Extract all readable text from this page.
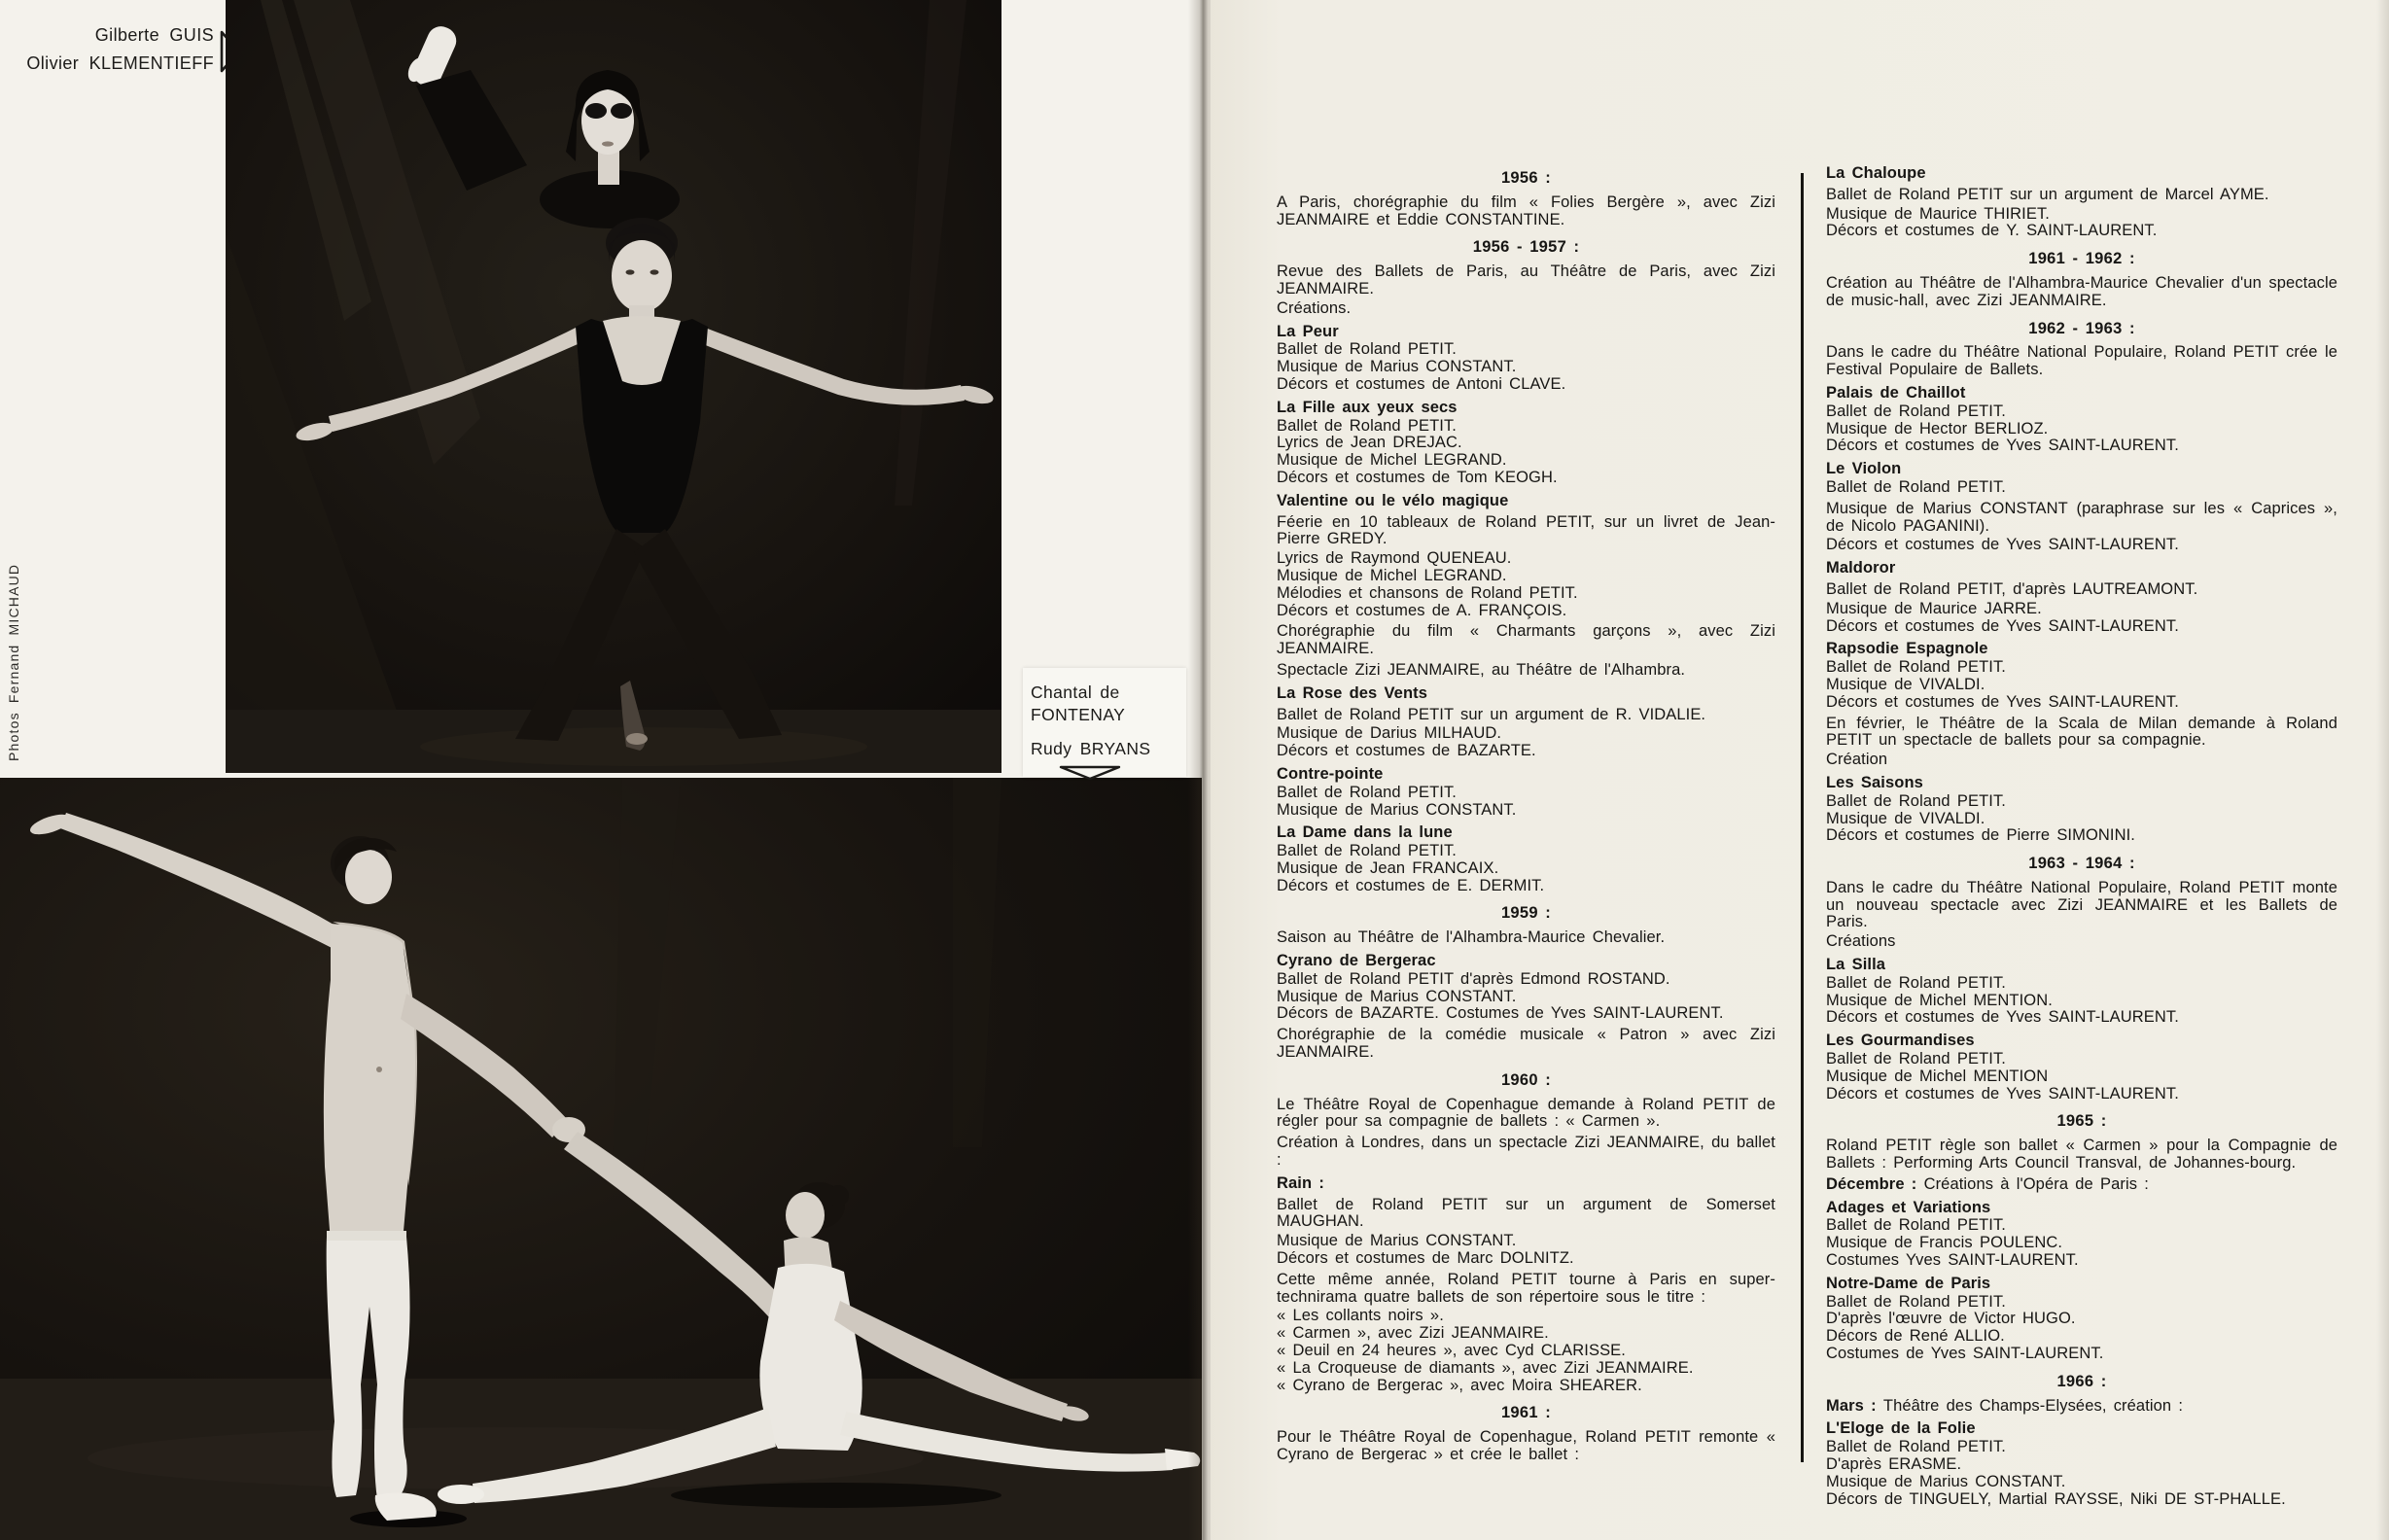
Gilberte GUIS
Olivier KLEMENTIEFF
Photos Fernand MICHAUD	Chantal de
FONTENAY
Rudy BRYANS

1956 :

A Paris, chorégraphie du film « Folies Bergère », avec Zizi JEANMAIRE et Eddie CONSTANTINE.

1956 - 1957 :

Revue des Ballets de Paris, au Théâtre de Paris, avec Zizi JEANMAIRE.

Créations.

La Peur

Ballet de Roland PETIT.

Musique de Marius CONSTANT.

Décors et costumes de Antoni CLAVE.

La Fille aux yeux secs

Ballet de Roland PETIT.

Lyrics de Jean DREJAC.

Musique de Michel LEGRAND.

Décors et costumes de Tom KEOGH.

Valentine ou le vélo magique

Féerie en 10 tableaux de Roland PETIT, sur un livret de Jean-Pierre GREDY.

Lyrics de Raymond QUENEAU.

Musique de Michel LEGRAND.

Mélodies et chansons de Roland PETIT.

Décors et costumes de A. FRANÇOIS.

Chorégraphie du film « Charmants garçons », avec Zizi JEANMAIRE.

Spectacle Zizi JEANMAIRE, au Théâtre de l'Alhambra.

La Rose des Vents

Ballet de Roland PETIT sur un argument de R. VIDALIE.

Musique de Darius MILHAUD.

Décors et costumes de BAZARTE.

Contre-pointe

Ballet de Roland PETIT.

Musique de Marius CONSTANT.

La Dame dans la lune

Ballet de Roland PETIT.

Musique de Jean FRANCAIX.

Décors et costumes de E. DERMIT.

1959 :

Saison au Théâtre de l'Alhambra-Maurice Chevalier.

Cyrano de Bergerac

Ballet de Roland PETIT d'après Edmond ROSTAND.

Musique de Marius CONSTANT.

Décors de BAZARTE. Costumes de Yves SAINT-LAURENT.

Chorégraphie de la comédie musicale « Patron » avec Zizi JEANMAIRE.

1960 :

Le Théâtre Royal de Copenhague demande à Roland PETIT de régler pour sa compagnie de ballets : « Carmen ».

Création à Londres, dans un spectacle Zizi JEANMAIRE, du ballet :

Rain :

Ballet de Roland PETIT sur un argument de Somerset MAUGHAN.

Musique de Marius CONSTANT.

Décors et costumes de Marc DOLNITZ.

Cette même année, Roland PETIT tourne à Paris en super-technirama quatre ballets de son répertoire sous le titre :

« Les collants noirs ».

« Carmen », avec Zizi JEANMAIRE.

« Deuil en 24 heures », avec Cyd CLARISSE.

« La Croqueuse de diamants », avec Zizi JEANMAIRE.

« Cyrano de Bergerac », avec Moira SHEARER.

1961 :

Pour le Théâtre Royal de Copenhague, Roland PETIT remonte « Cyrano de Bergerac » et crée le ballet :

La Chaloupe

Ballet de Roland PETIT sur un argument de Marcel AYME.

Musique de Maurice THIRIET.

Décors et costumes de Y. SAINT-LAURENT.

1961 - 1962 :

Création au Théâtre de l'Alhambra-Maurice Chevalier d'un spectacle de music-hall, avec Zizi JEANMAIRE.

1962 - 1963 :

Dans le cadre du Théâtre National Populaire, Roland PETIT crée le Festival Populaire de Ballets.

Palais de Chaillot

Ballet de Roland PETIT.

Musique de Hector BERLIOZ.

Décors et costumes de Yves SAINT-LAURENT.

Le Violon

Ballet de Roland PETIT.

Musique de Marius CONSTANT (paraphrase sur les « Caprices », de Nicolo PAGANINI).

Décors et costumes de Yves SAINT-LAURENT.

Maldoror

Ballet de Roland PETIT, d'après LAUTREAMONT.

Musique de Maurice JARRE.

Décors et costumes de Yves SAINT-LAURENT.

Rapsodie Espagnole

Ballet de Roland PETIT.

Musique de VIVALDI.

Décors et costumes de Yves SAINT-LAURENT.

En février, le Théâtre de la Scala de Milan demande à Roland PETIT un spectacle de ballets pour sa compagnie.

Création

Les Saisons

Ballet de Roland PETIT.

Musique de VIVALDI.

Décors et costumes de Pierre SIMONINI.

1963 - 1964 :

Dans le cadre du Théâtre National Populaire, Roland PETIT monte un nouveau spectacle avec Zizi JEANMAIRE et les Ballets de Paris.

Créations

La Silla

Ballet de Roland PETIT.

Musique de Michel MENTION.

Décors et costumes de Yves SAINT-LAURENT.

Les Gourmandises

Ballet de Roland PETIT.

Musique de Michel MENTION

Décors et costumes de Yves SAINT-LAURENT.

1965 :

Roland PETIT règle son ballet « Carmen » pour la Compagnie de Ballets : Performing Arts Council Transval, de Johannes-bourg.

Décembre : Créations à l'Opéra de Paris :

Adages et Variations

Ballet de Roland PETIT.

Musique de Francis POULENC.

Costumes Yves SAINT-LAURENT.

Notre-Dame de Paris

Ballet de Roland PETIT.

D'après l'œuvre de Victor HUGO.

Décors de René ALLIO.

Costumes de Yves SAINT-LAURENT.

1966 :

Mars : Théâtre des Champs-Elysées, création :

L'Eloge de la Folie

Ballet de Roland PETIT.

D'après ERASME.

Musique de Marius CONSTANT.

Décors de TINGUELY, Martial RAYSSE, Niki DE ST-PHALLE.
